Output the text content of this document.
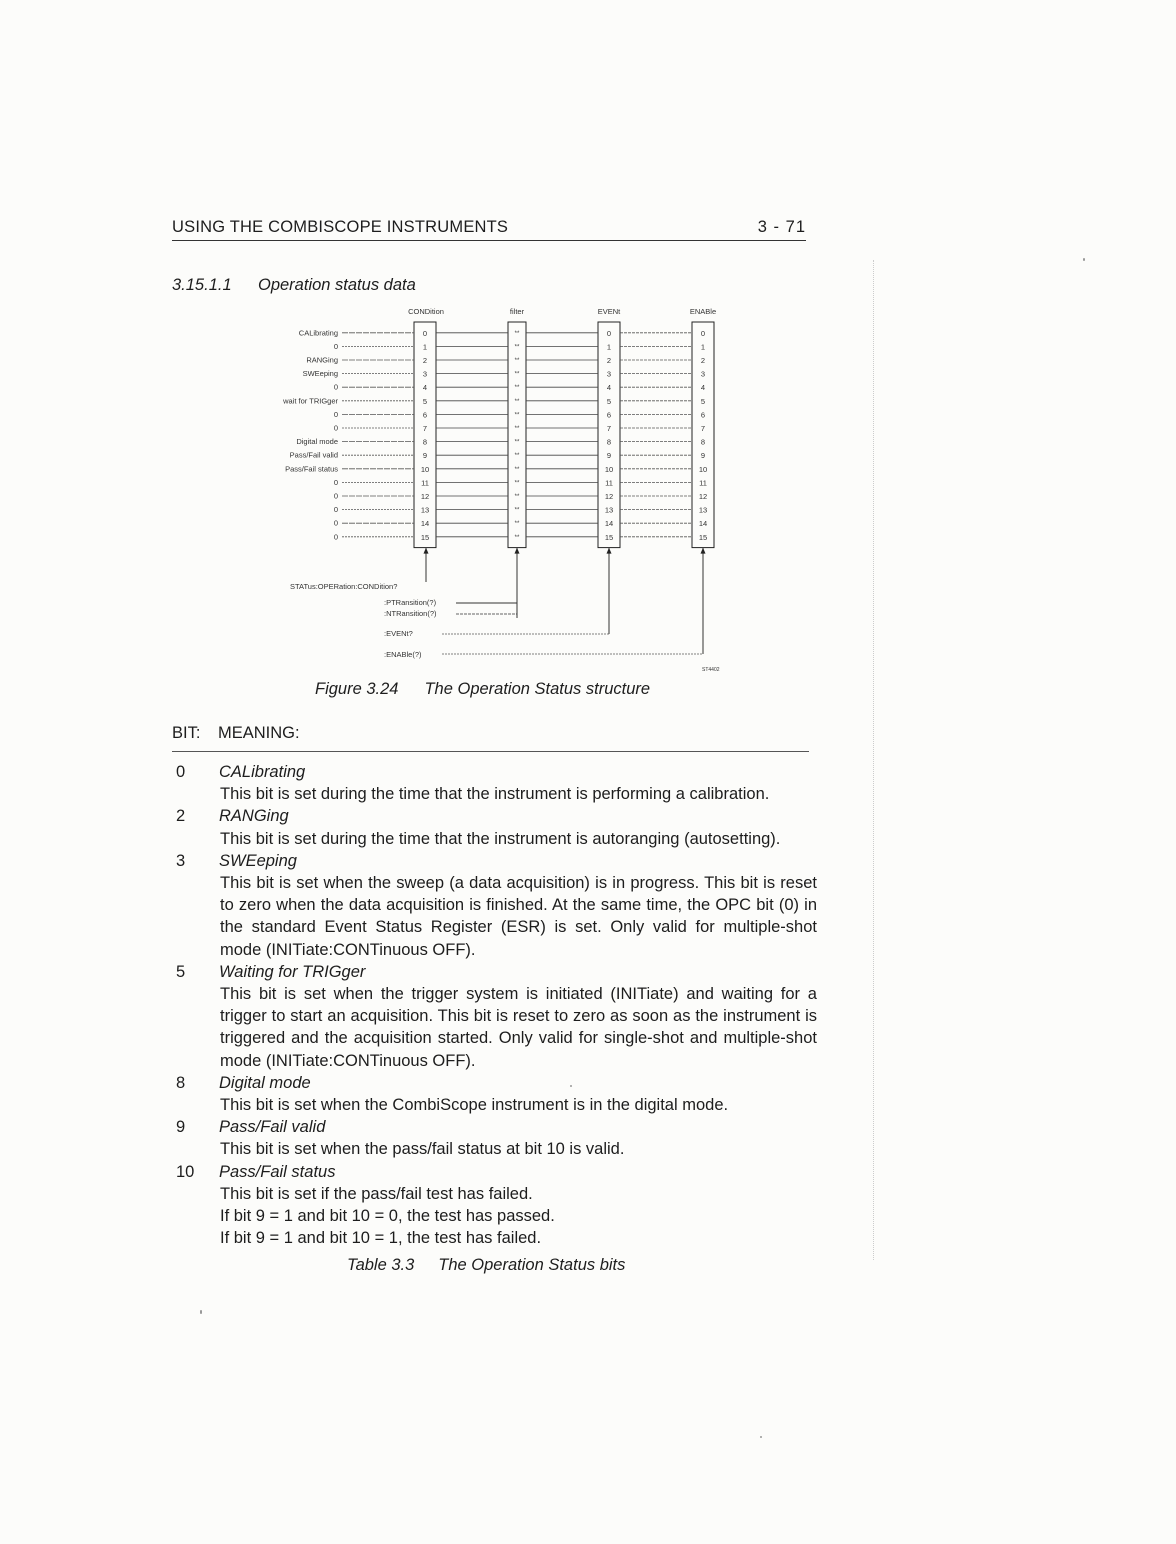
USING THE COMBISCOPE INSTRUMENTS	3 - 71
3.15.1.1 Operation status data
CONDition	filter	EVENt	ENABle
CALibrating	0	0	0
**
0	1	1	1
**
RANGing	2	2	2
**
SWEeping	3	3	3
**
0	4	4	4
**
wait for TRIGger	5	5	5
**
0	6	6	6
**
0	7	7	7
**
Digital mode	8	8	8
**
Pass/Fail valid	9	9	9
**
Pass/Fail status	10	10	10
**
0	11	11	11
**
0	12	12	12
**
0	13	13	13
**
0	14	14	14
**
0	15	15	15
**
STATus:OPERation:CONDition?
:PTRansition(?)
:NTRansition(?)
:EVENt?
:ENABle(?)
ST4402
Figure 3.24 The Operation Status structure
BIT: MEANING:
0	CALibrating
This bit is set during the time that the instrument is performing a calibration.
2	RANGing
This bit is set during the time that the instrument is autoranging (autosetting).
3	SWEeping
This bit is set when the sweep (a data acquisition) is in progress. This bit is reset to zero when the data acquisition is finished. At the same time, the OPC bit (0) in the standard Event Status Register (ESR) is set. Only valid for multiple-shot mode (INITiate:CONTinuous OFF).
5	Waiting for TRIGger
This bit is set when the trigger system is initiated (INITiate) and waiting for a trigger to start an acquisition. This bit is reset to zero as soon as the instrument is triggered and the acquisition started. Only valid for single-shot and multiple-shot mode (INITiate:CONTinuous OFF).
8	Digital mode
This bit is set when the CombiScope instrument is in the digital mode.
9	Pass/Fail valid
This bit is set when the pass/fail status at bit 10 is valid.
10	Pass/Fail status
This bit is set if the pass/fail test has failed.
If bit 9 = 1 and bit 10 = 0, the test has passed.
If bit 9 = 1 and bit 10 = 1, the test has failed.
Table 3.3 The Operation Status bits
